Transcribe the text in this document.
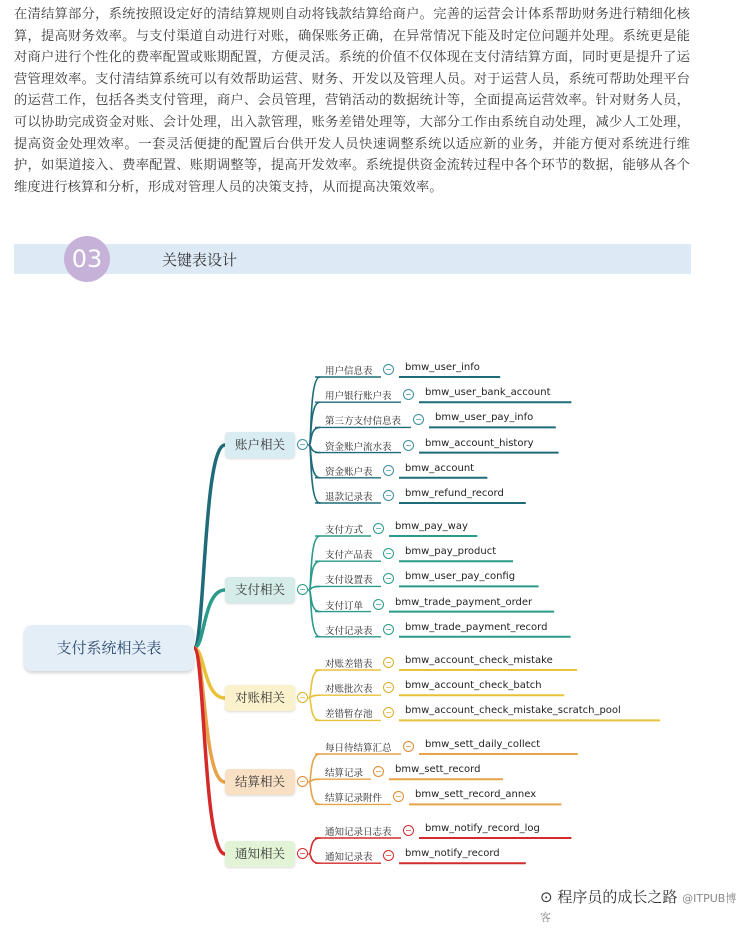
在清结算部分，系统按照设定好的清结算规则自动将钱款结算给商户。完善的运营会计体系帮助财务进行精细化核算，提高财务效率。与支付渠道自动进行对账，确保账务正确，在异常情况下能及时定位问题并处理。系统更是能对商户进行个性化的费率配置或账期配置，方便灵活。系统的价值不仅体现在支付清结算方面，同时更是提升了运营管理效率。支付清结算系统可以有效帮助运营、财务、开发以及管理人员。对于运营人员，系统可帮助处理平台的运营工作，包括各类支付管理，商户、会员管理，营销活动的数据统计等，全面提高运营效率。针对财务人员，可以协助完成资金对账、会计处理，出入款管理，账务差错处理等，大部分工作由系统自动处理，减少人工处理，提高资金处理效率。一套灵活便捷的配置后台供开发人员快速调整系统以适应新的业务，并能方便对系统进行维护，如渠道接入、费率配置、账期调整等，提高开发效率。系统提供资金流转过程中各个环节的数据，能够从各个维度进行核算和分析，形成对管理人员的决策支持，从而提高决策效率。

03	关键表设计
账户相关	−
用户信息表 − bmw_user_info
用户银行账户表 − bmw_user_bank_account
第三方支付信息表 − bmw_user_pay_info
资金账户流水表 − bmw_account_history
资金账户表 − bmw_account
退款记录表 − bmw_refund_record
支付相关	−
支付方式 − bmw_pay_way
支付产品表 − bmw_pay_product
支付设置表 − bmw_user_pay_config
支付订单 − bmw_trade_payment_order
支付记录表 − bmw_trade_payment_record
对账相关	−
对账差错表 − bmw_account_check_mistake
对账批次表 − bmw_account_check_batch
差错暂存池 − bmw_account_check_mistake_scratch_pool
结算相关	−
每日待结算汇总 − bmw_sett_daily_collect
结算记录 − bmw_sett_record
结算记录附件 − bmw_sett_record_annex
通知相关	−
通知记录日志表 − bmw_notify_record_log
通知记录表 − bmw_notify_record
支付系统相关表
⊙ 程序员的成长之路 @ITPUB博客
